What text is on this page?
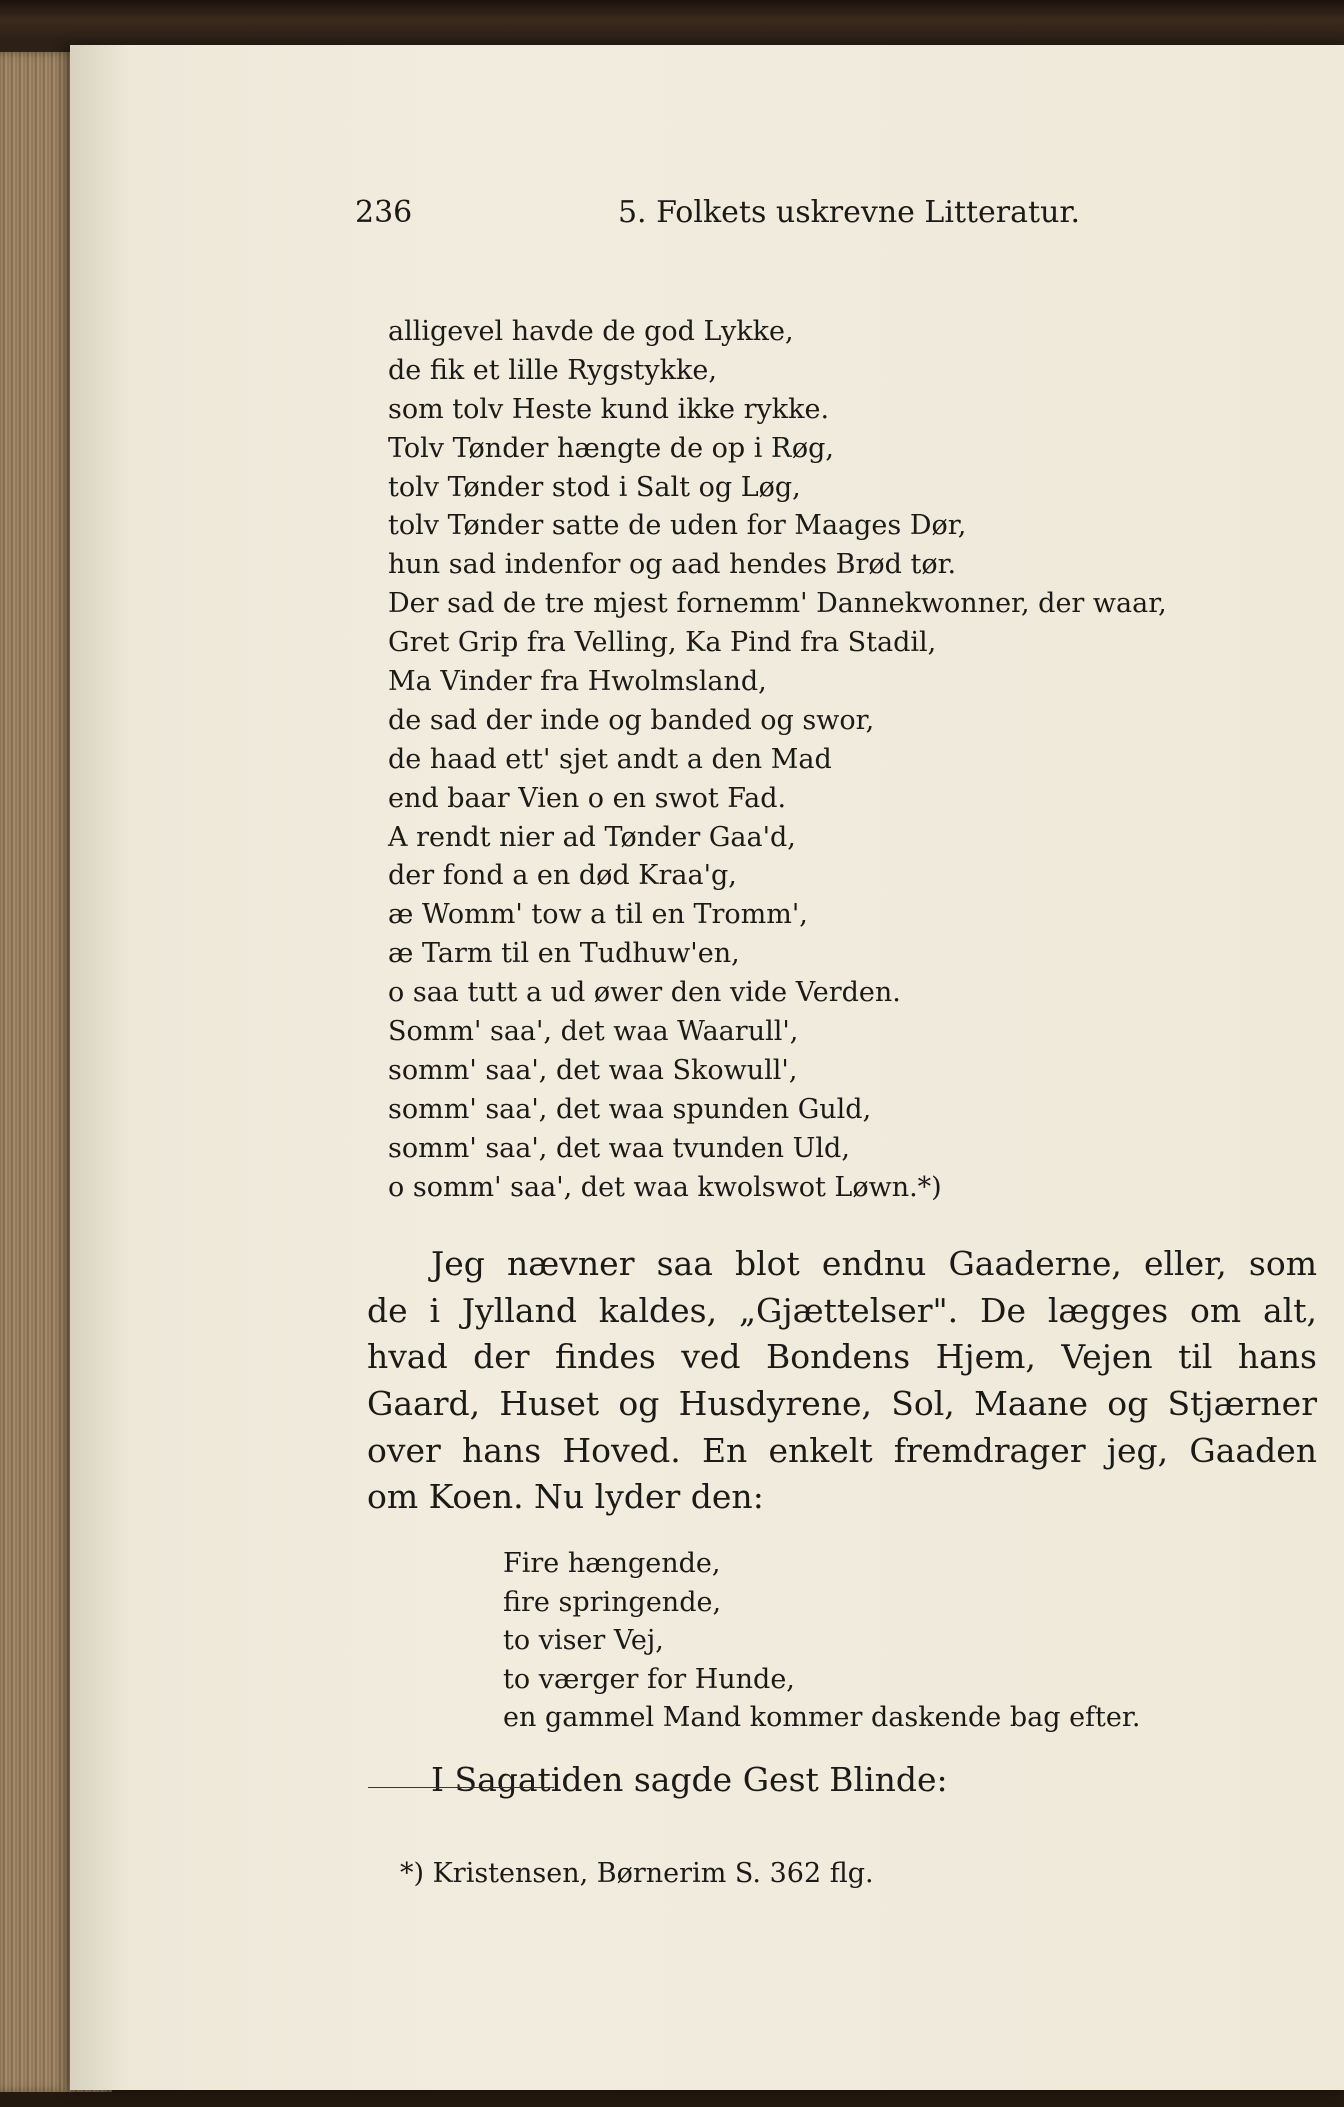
236	5. Folkets uskrevne Litteratur.
alligevel havde de god Lykke,
de fik et lille Rygstykke,
som tolv Heste kund ikke rykke.
Tolv Tønder hængte de op i Røg,
tolv Tønder stod i Salt og Løg,
tolv Tønder satte de uden for Maages Dør,
hun sad indenfor og aad hendes Brød tør.
Der sad de tre mjest fornemm' Dannekwonner, der waar,
Gret Grip fra Velling, Ka Pind fra Stadil,
Ma Vinder fra Hwolmsland,
de sad der inde og banded og swor,
de haad ett' sjet andt a den Mad
end baar Vien o en swot Fad.
A rendt nier ad Tønder Gaa'd,
der fond a en død Kraa'g,
æ Womm' tow a til en Tromm',
æ Tarm til en Tudhuw'en,
o saa tutt a ud øwer den vide Verden.
Somm' saa', det waa Waarull',
somm' saa', det waa Skowull',
somm' saa', det waa spunden Guld,
somm' saa', det waa tvunden Uld,
o somm' saa', det waa kwolswot Løwn.*)
Jeg nævner saa blot endnu Gaaderne, eller, som
de i Jylland kaldes, „Gjættelser". De lægges om alt,
hvad der findes ved Bondens Hjem, Vejen til hans
Gaard, Huset og Husdyrene, Sol, Maane og Stjærner
over hans Hoved. En enkelt fremdrager jeg, Gaaden
om Koen. Nu lyder den:
Fire hængende,
fire springende,
to viser Vej,
to værger for Hunde,
en gammel Mand kommer daskende bag efter.
I Sagatiden sagde Gest Blinde:
*) Kristensen, Børnerim S. 362 flg.
